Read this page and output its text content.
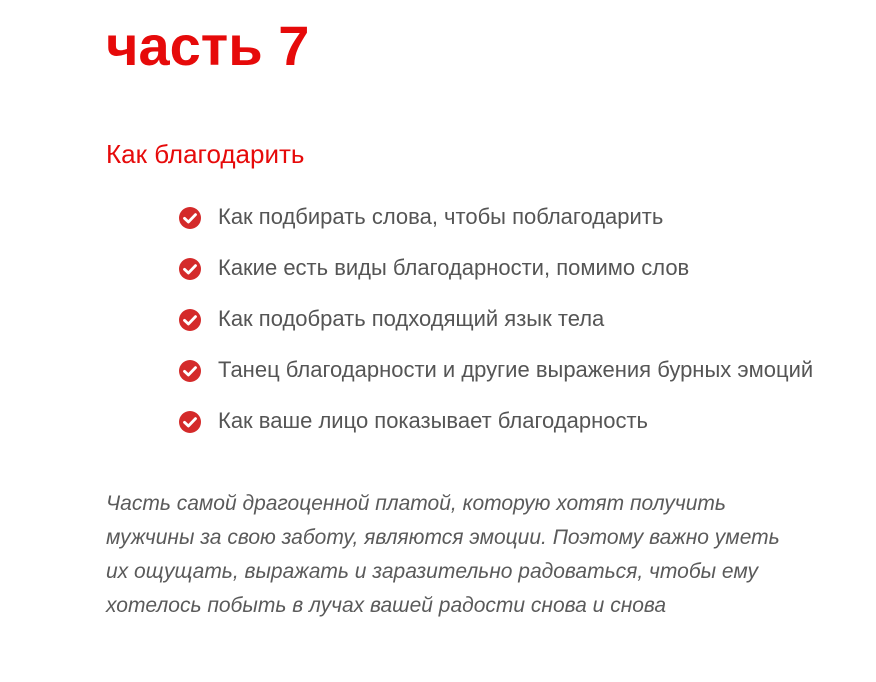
часть 7
Как благодарить
Как подбирать слова, чтобы поблагодарить
Какие есть виды благодарности, помимо слов
Как подобрать подходящий язык тела
Танец благодарности и другие выражения бурных эмоций
Как ваше лицо показывает благодарность

Часть самой драгоценной платой, которую хотят получить мужчины за свою заботу, являются эмоции. Поэтому важно уметь их ощущать, выражать и заразительно радоваться, чтобы ему хотелось побыть в лучах вашей радости снова и снова
